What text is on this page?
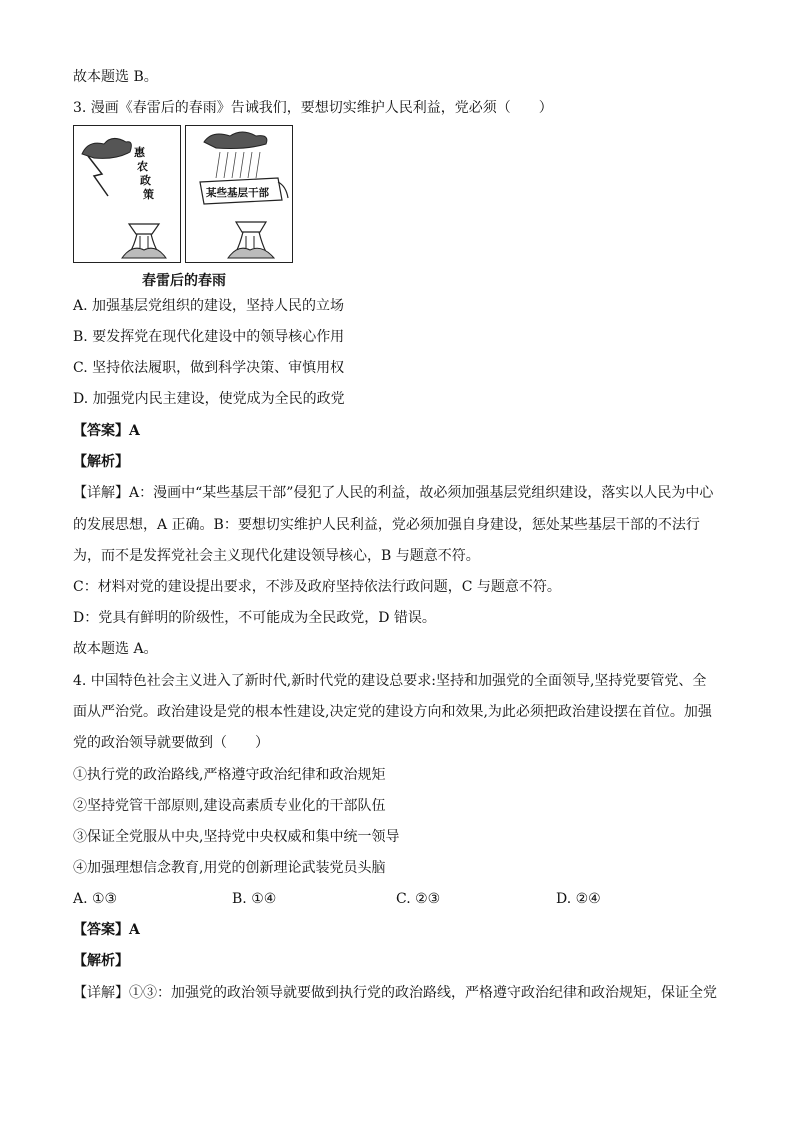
故本题选 B。
3. 漫画《春雷后的春雨》告诫我们，要想切实维护人民利益，党必须（　　）
惠
农
政
策	某些基层干部
春雷后的春雨
A. 加强基层党组织的建设，坚持人民的立场
B. 要发挥党在现代化建设中的领导核心作用
C. 坚持依法履职，做到科学决策、审慎用权
D. 加强党内民主建设，使党成为全民的政党
【答案】A
【解析】
【详解】A：漫画中“某些基层干部”侵犯了人民的利益，故必须加强基层党组织建设，落实以人民为中心
的发展思想，A 正确。B：要想切实维护人民利益，党必须加强自身建设，惩处某些基层干部的不法行
为，而不是发挥党社会主义现代化建设领导核心，B 与题意不符。
C：材料对党的建设提出要求，不涉及政府坚持依法行政问题，C 与题意不符。
D：党具有鲜明的阶级性，不可能成为全民政党，D 错误。
故本题选 A。
4. 中国特色社会主义进入了新时代,新时代党的建设总要求:坚持和加强党的全面领导,坚持党要管党、全
面从严治党。政治建设是党的根本性建设,决定党的建设方向和效果,为此必须把政治建设摆在首位。加强
党的政治领导就要做到（　　）
①执行党的政治路线,严格遵守政治纪律和政治规矩
②坚持党管干部原则,建设高素质专业化的干部队伍
③保证全党服从中央,坚持党中央权威和集中统一领导
④加强理想信念教育,用党的创新理论武装党员头脑
A. ①③	B. ①④	C. ②③	D. ②④
【答案】A
【解析】
【详解】①③：加强党的政治领导就要做到执行党的政治路线，严格遵守政治纪律和政治规矩，保证全党
